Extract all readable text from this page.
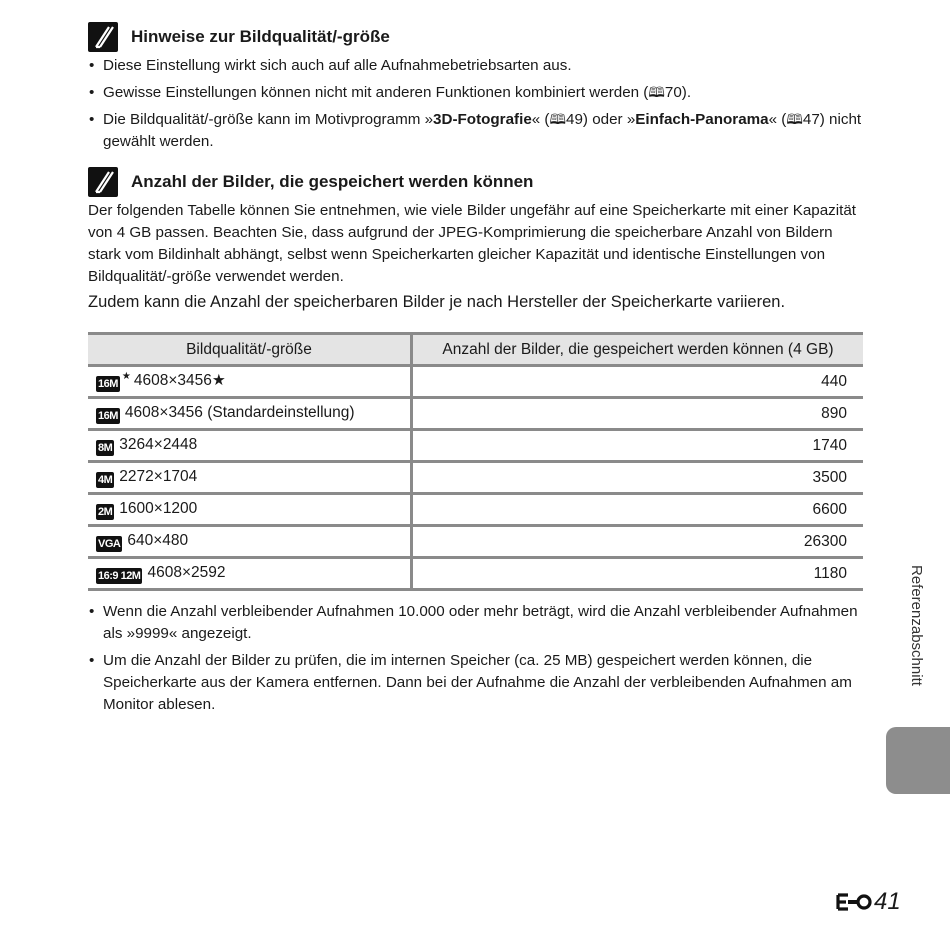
Hinweise zur Bildqualität/-größe
• Diese Einstellung wirkt sich auch auf alle Aufnahmebetriebsarten aus.
• Gewisse Einstellungen können nicht mit anderen Funktionen kombiniert werden (🕮70).
• Die Bildqualität/-größe kann im Motivprogramm »3D-Fotografie« (🕮49) oder »Einfach-Panorama« (🕮47) nicht gewählt werden.
Anzahl der Bilder, die gespeichert werden können

Der folgenden Tabelle können Sie entnehmen, wie viele Bilder ungefähr auf eine Speicherkarte mit einer Kapazität von 4 GB passen. Beachten Sie, dass aufgrund der JPEG-Komprimierung die speicherbare Anzahl von Bildern stark vom Bildinhalt abhängt, selbst wenn Speicherkarten gleicher Kapazität und identische Einstellungen von Bildqualität/-größe verwendet werden.

Zudem kann die Anzahl der speicherbaren Bilder je nach Hersteller der Speicherkarte variieren.

Bildqualität/-größe	Anzahl der Bilder, die gespeichert werden können (4 GB)
16M★ 4608×3456★	440
16M 4608×3456 (Standardeinstellung)	890
8M 3264×2448	1740
4M 2272×1704	3500
2M 1600×1200	6600
VGA 640×480	26300
16:9 12M 4608×2592	1180
• Wenn die Anzahl verbleibender Aufnahmen 10.000 oder mehr beträgt, wird die Anzahl verbleibender Aufnahmen als »9999« angezeigt.
• Um die Anzahl der Bilder zu prüfen, die im internen Speicher (ca. 25 MB) gespeichert werden können, die Speicherkarte aus der Kamera entfernen. Dann bei der Aufnahme die Anzahl der verbleibenden Aufnahmen am Monitor ablesen.
Referenzabschnitt
41
